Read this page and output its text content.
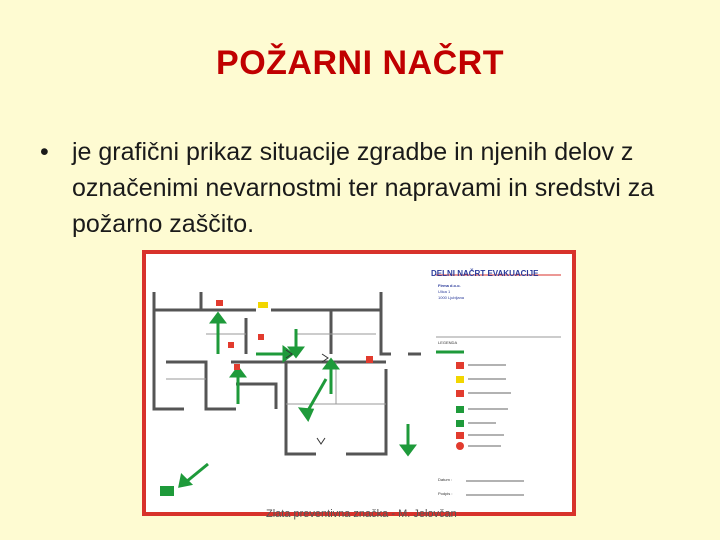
POŽARNI NAČRT
• je grafični prikaz situacije zgradbe in njenih delov z označenimi nevarnostmi ter napravami in sredstvi za požarno zaščito.
DELNI NAČRT EVAKUACIJE
Firma d.o.o.
Ulica 1
1000 Ljubljana
LEGENDA
Datum :
Podpis :
Zlata preventivna značka - M. Jelovčan
